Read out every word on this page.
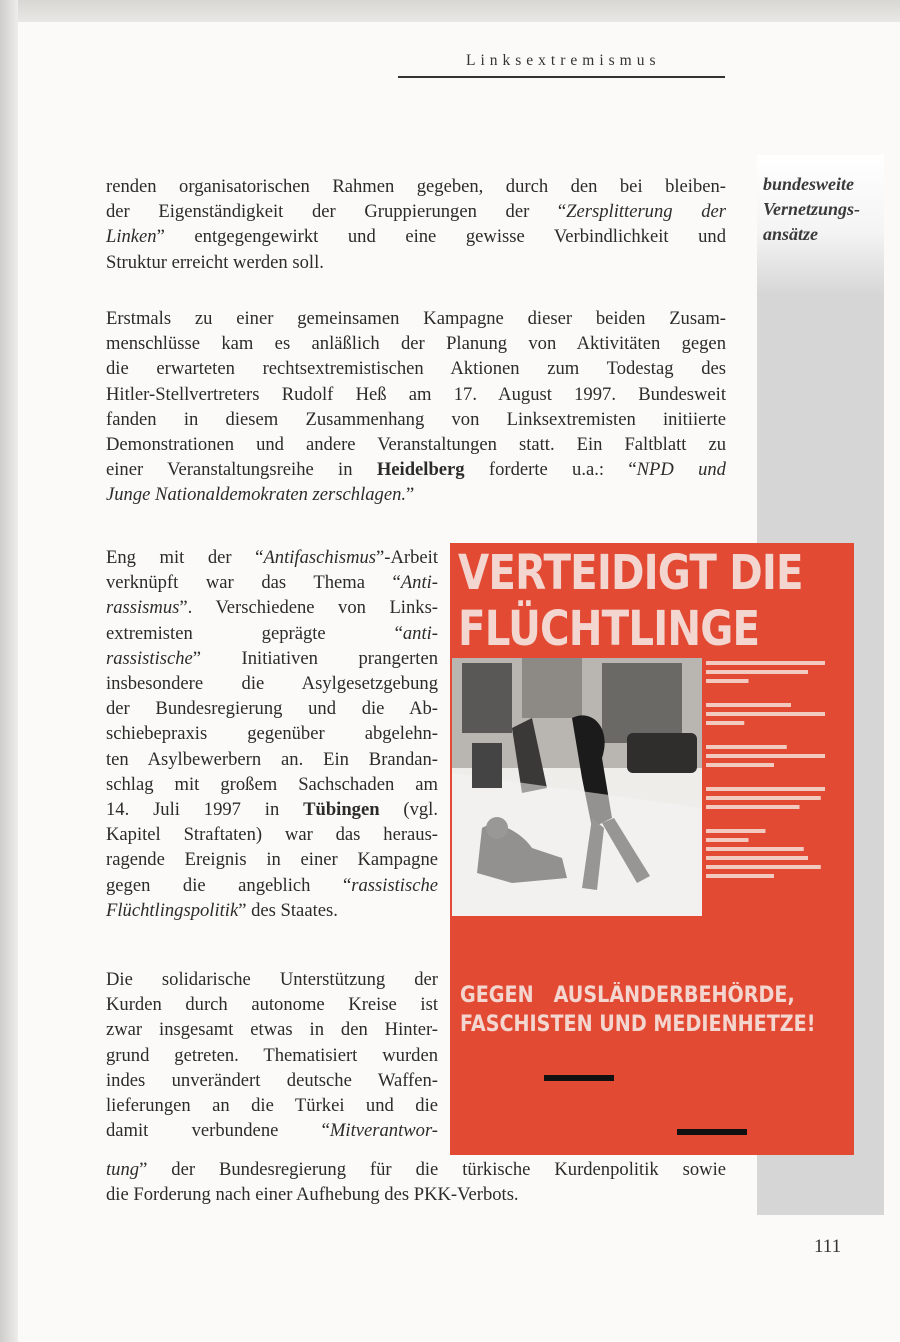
Linksextremismus
bundesweite
Vernetzungs-
ansätze
renden organisatorischen Rahmen gegeben, durch den bei bleiben-
der Eigenständigkeit der Gruppierungen der “Zersplitterung der
Linken” entgegengewirkt und eine gewisse Verbindlichkeit und
Struktur erreicht werden soll.
Erstmals zu einer gemeinsamen Kampagne dieser beiden Zusam-
menschlüsse kam es anläßlich der Planung von Aktivitäten gegen
die erwarteten rechtsextremistischen Aktionen zum Todestag des
Hitler-Stellvertreters Rudolf Heß am 17. August 1997. Bundesweit
fanden in diesem Zusammenhang von Linksextremisten initiierte
Demonstrationen und andere Veranstaltungen statt. Ein Faltblatt zu
einer Veranstaltungsreihe in Heidelberg forderte u.a.: “NPD und
Junge Nationaldemokraten zerschlagen.”
Eng mit der “Antifaschismus”-Arbeit
verknüpft war das Thema “Anti-
rassismus”. Verschiedene von Links-
extremisten geprägte “anti-
rassistische” Initiativen prangerten
insbesondere die Asylgesetzgebung
der Bundesregierung und die Ab-
schiebepraxis gegenüber abgelehn-
ten Asylbewerbern an. Ein Brandan-
schlag mit großem Sachschaden am
14. Juli 1997 in Tübingen (vgl.
Kapitel Straftaten) war das heraus-
ragende Ereignis in einer Kampagne
gegen die angeblich “rassistische
Flüchtlingspolitik” des Staates.
Die solidarische Unterstützung der
Kurden durch autonome Kreise ist
zwar insgesamt etwas in den Hinter-
grund getreten. Thematisiert wurden
indes unverändert deutsche Waffen-
lieferungen an die Türkei und die
damit verbundene “Mitverantwor-
tung” der Bundesregierung für die türkische Kurdenpolitik sowie
die Forderung nach einer Aufhebung des PKK-Verbots.
VERTEIDIGT DIE
FLÜCHTLINGE
GEGEN   AUSLÄNDERBEHÖRDE,
FASCHISTEN UND MEDIENHETZE!
111
